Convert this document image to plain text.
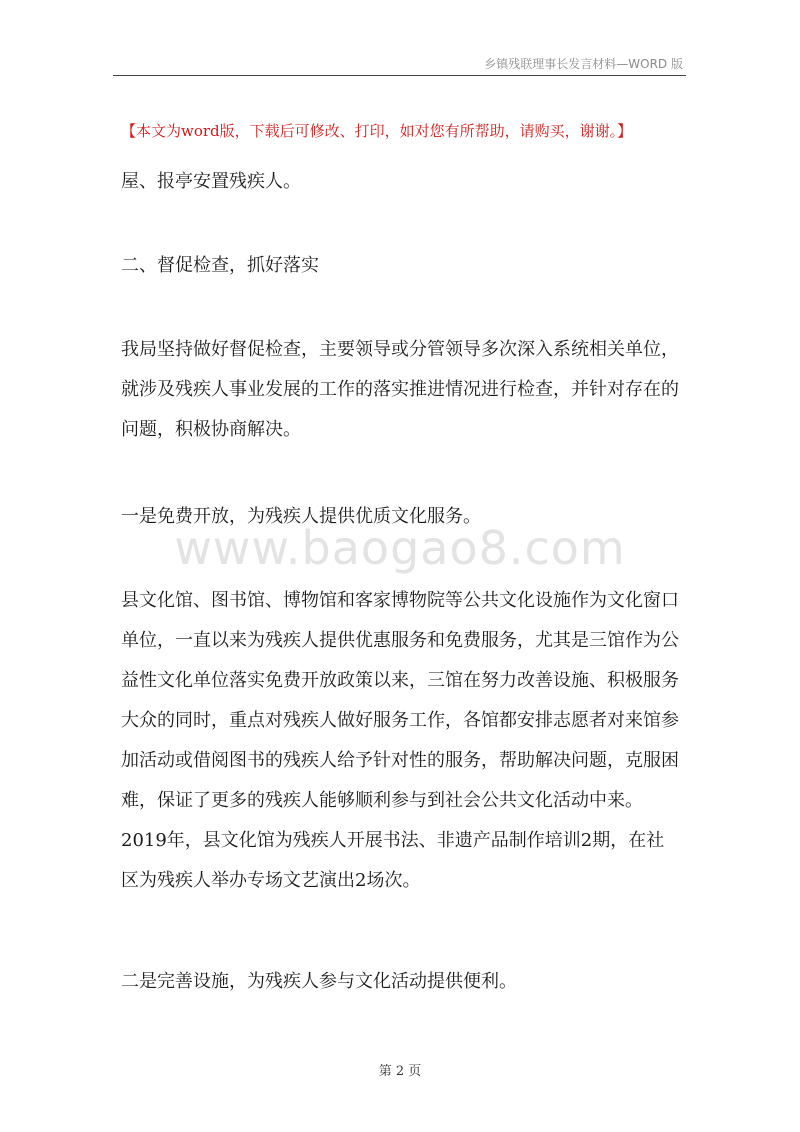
乡镇残联理事长发言材料—WORD 版
【本文为word版，下载后可修改、打印，如对您有所帮助，请购买，谢谢。】

屋、报亭安置残疾人。

二、督促检查，抓好落实

我局坚持做好督促检查，主要领导或分管领导多次深入系统相关单位，就涉及残疾人事业发展的工作的落实推进情况进行检查，并针对存在的问题，积极协商解决。

一是免费开放，为残疾人提供优质文化服务。

县文化馆、图书馆、博物馆和客家博物院等公共文化设施作为文化窗口单位，一直以来为残疾人提供优惠服务和免费服务，尤其是三馆作为公益性文化单位落实免费开放政策以来，三馆在努力改善设施、积极服务大众的同时，重点对残疾人做好服务工作，各馆都安排志愿者对来馆参加活动或借阅图书的残疾人给予针对性的服务，帮助解决问题，克服困难，保证了更多的残疾人能够顺利参与到社会公共文化活动中来。2019年，县文化馆为残疾人开展书法、非遗产品制作培训2期，在社区为残疾人举办专场文艺演出2场次。

二是完善设施，为残疾人参与文化活动提供便利。

www.baogao8.com
第 2 页
